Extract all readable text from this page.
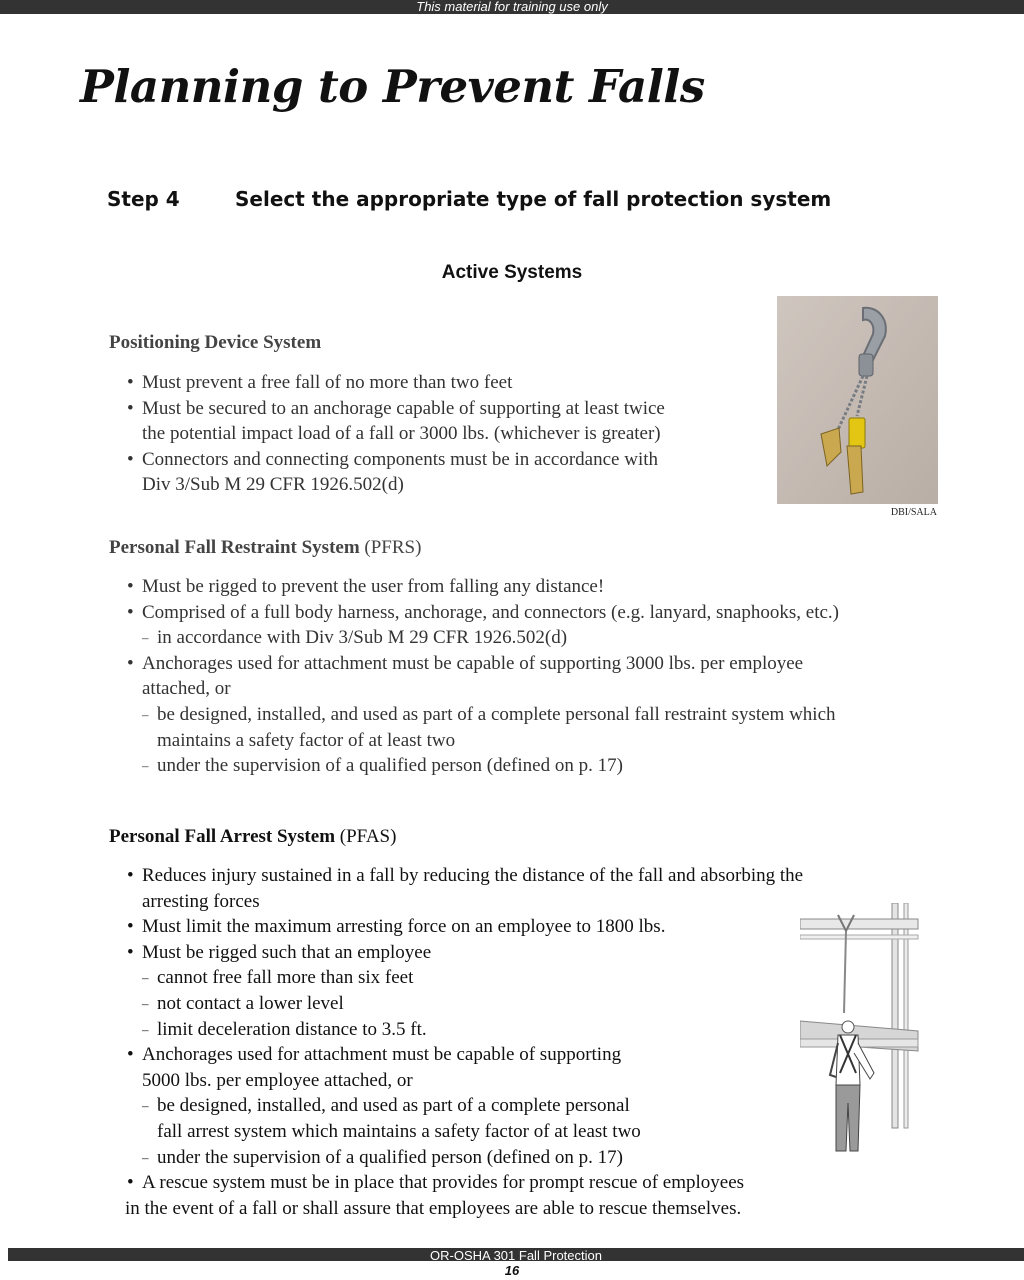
This material for training use only
Planning to Prevent Falls
Step 4	Select the appropriate type of fall protection system
Active Systems
Positioning Device System
• Must prevent a free fall of no more than two feet
• Must be secured to an anchorage capable of supporting at least twice
the potential impact load of a fall or 3000 lbs. (whichever is greater)
• Connectors and connecting components must be in accordance with
Div 3/Sub M 29 CFR 1926.502(d)
DBI/SALA
Personal Fall Restraint System (PFRS)
• Must be rigged to prevent the user from falling any distance!
• Comprised of a full body harness, anchorage, and connectors (e.g. lanyard, snaphooks, etc.)
– in accordance with Div 3/Sub M 29 CFR 1926.502(d)
• Anchorages used for attachment must be capable of supporting 3000 lbs. per employee
attached, or
– be designed, installed, and used as part of a complete personal fall restraint system which
maintains a safety factor of at least two
– under the supervision of a qualified person (defined on p. 17)
Personal Fall Arrest System (PFAS)
• Reduces injury sustained in a fall by reducing the distance of the fall and absorbing the
arresting forces
• Must limit the maximum arresting force on an employee to 1800 lbs.
• Must be rigged such that an employee
– cannot free fall more than six feet
– not contact a lower level
– limit deceleration distance to 3.5 ft.
• Anchorages used for attachment must be capable of supporting
5000 lbs. per employee attached, or
– be designed, installed, and used as part of a complete personal
fall arrest system which maintains a safety factor of at least two
– under the supervision of a qualified person (defined on p. 17)
• A rescue system must be in place that provides for prompt rescue of employees
in the event of a fall or shall assure that employees are able to rescue themselves.
OR-OSHA 301 Fall Protection
16
